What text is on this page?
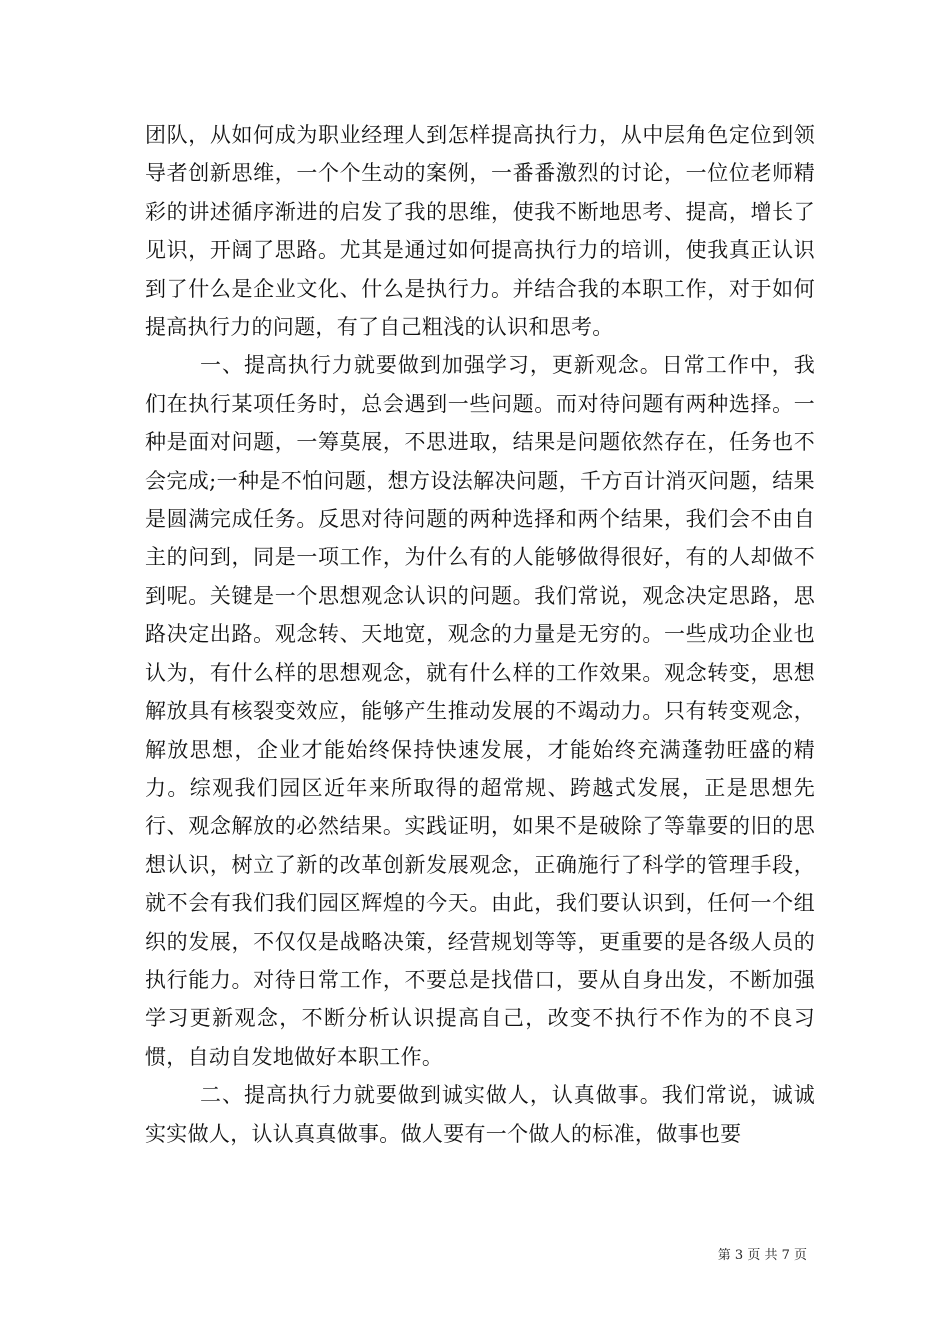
团队，从如何成为职业经理人到怎样提高执行力，从中层角色定位到领导者创新思维，一个个生动的案例，一番番激烈的讨论，一位位老师精彩的讲述循序渐进的启发了我的思维，使我不断地思考、提高，增长了见识，开阔了思路。尤其是通过如何提高执行力的培训，使我真正认识到了什么是企业文化、什么是执行力。并结合我的本职工作，对于如何提高执行力的问题，有了自己粗浅的认识和思考。

一、提高执行力就要做到加强学习，更新观念。日常工作中，我们在执行某项任务时，总会遇到一些问题。而对待问题有两种选择。一种是面对问题，一筹莫展，不思进取，结果是问题依然存在，任务也不会完成;一种是不怕问题，想方设法解决问题，千方百计消灭问题，结果是圆满完成任务。反思对待问题的两种选择和两个结果，我们会不由自主的问到，同是一项工作，为什么有的人能够做得很好，有的人却做不到呢。关键是一个思想观念认识的问题。我们常说，观念决定思路，思路决定出路。观念转、天地宽，观念的力量是无穷的。一些成功企业也认为，有什么样的思想观念，就有什么样的工作效果。观念转变，思想解放具有核裂变效应，能够产生推动发展的不竭动力。只有转变观念，解放思想，企业才能始终保持快速发展，才能始终充满蓬勃旺盛的精力。综观我们园区近年来所取得的超常规、跨越式发展，正是思想先行、观念解放的必然结果。实践证明，如果不是破除了等靠要的旧的思想认识，树立了新的改革创新发展观念，正确施行了科学的管理手段，就不会有我们我们园区辉煌的今天。由此，我们要认识到，任何一个组织的发展，不仅仅是战略决策，经营规划等等，更重要的是各级人员的执行能力。对待日常工作，不要总是找借口，要从自身出发，不断加强学习更新观念，不断分析认识提高自己，改变不执行不作为的不良习惯，自动自发地做好本职工作。

二、提高执行力就要做到诚实做人，认真做事。我们常说，诚诚实实做人，认认真真做事。做人要有一个做人的标准，做事也要

第 3 页 共 7 页
